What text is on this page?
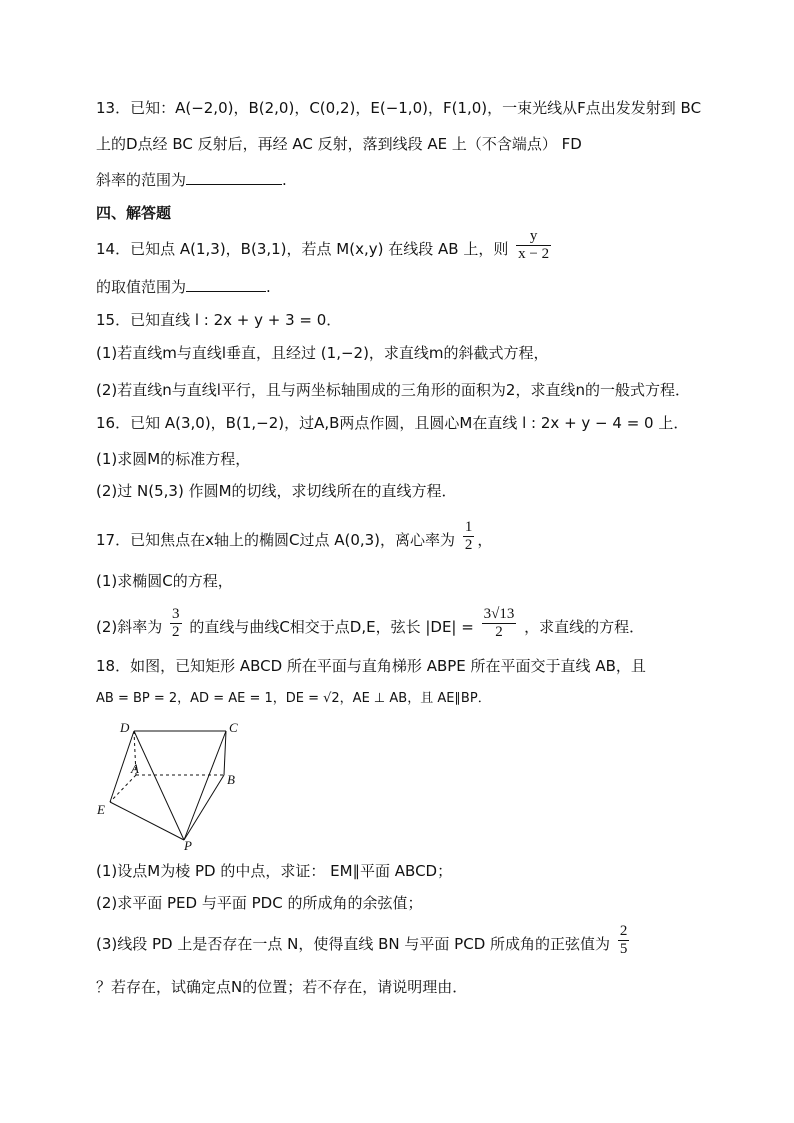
13．已知：A(−2,0)，B(2,0)，C(0,2)，E(−1,0)，F(1,0)，一束光线从F点出发发射到 BC
上的D点经 BC 反射后，再经 AC 反射，落到线段 AE 上（不含端点） FD
斜率的范围为	.
四、解答题
14．已知点 A(1,3)，B(3,1)，若点 M(x,y) 在线段 AB 上，则 $\frac{y}{x - 2}$
的取值范围为	.
15．已知直线 l : 2x + y + 3 = 0．
(1)若直线m与直线l垂直，且经过 (1,−2)，求直线m的斜截式方程，
(2)若直线n与直线l平行，且与两坐标轴围成的三角形的面积为2，求直线n的一般式方程．
16．已知 A(3,0)，B(1,−2)，过A,B两点作圆，且圆心M在直线 l : 2x + y − 4 = 0 上．
(1)求圆M的标准方程，
(2)过 N(5,3) 作圆M的切线，求切线所在的直线方程．
17．已知焦点在x轴上的椭圆C过点 A(0,3)，离心率为 $\frac{1}{2}$ ，
(1)求椭圆C的方程，
(2)斜率为 $\frac{3}{2}$ 的直线与曲线C相交于点D,E，弦长 $|DE| = \frac{3√13}{2}$ ，求直线的方程．
18．如图，已知矩形 ABCD 所在平面与直角梯形 ABPE 所在平面交于直线 AB，且
AB = BP = 2，AD = AE = 1，DE = √2，AE ⊥ AB，且 AE∥BP．
D	C
A
B
E
P
(1)设点M为棱 PD 的中点，求证： EM∥平面 ABCD；
(2)求平面 PED 与平面 PDC 的所成角的余弦值；
(3)线段 PD 上是否存在一点 N，使得直线 BN 与平面 PCD 所成角的正弦值为 $\frac{2}{5}$
？若存在，试确定点N的位置；若不存在，请说明理由．
